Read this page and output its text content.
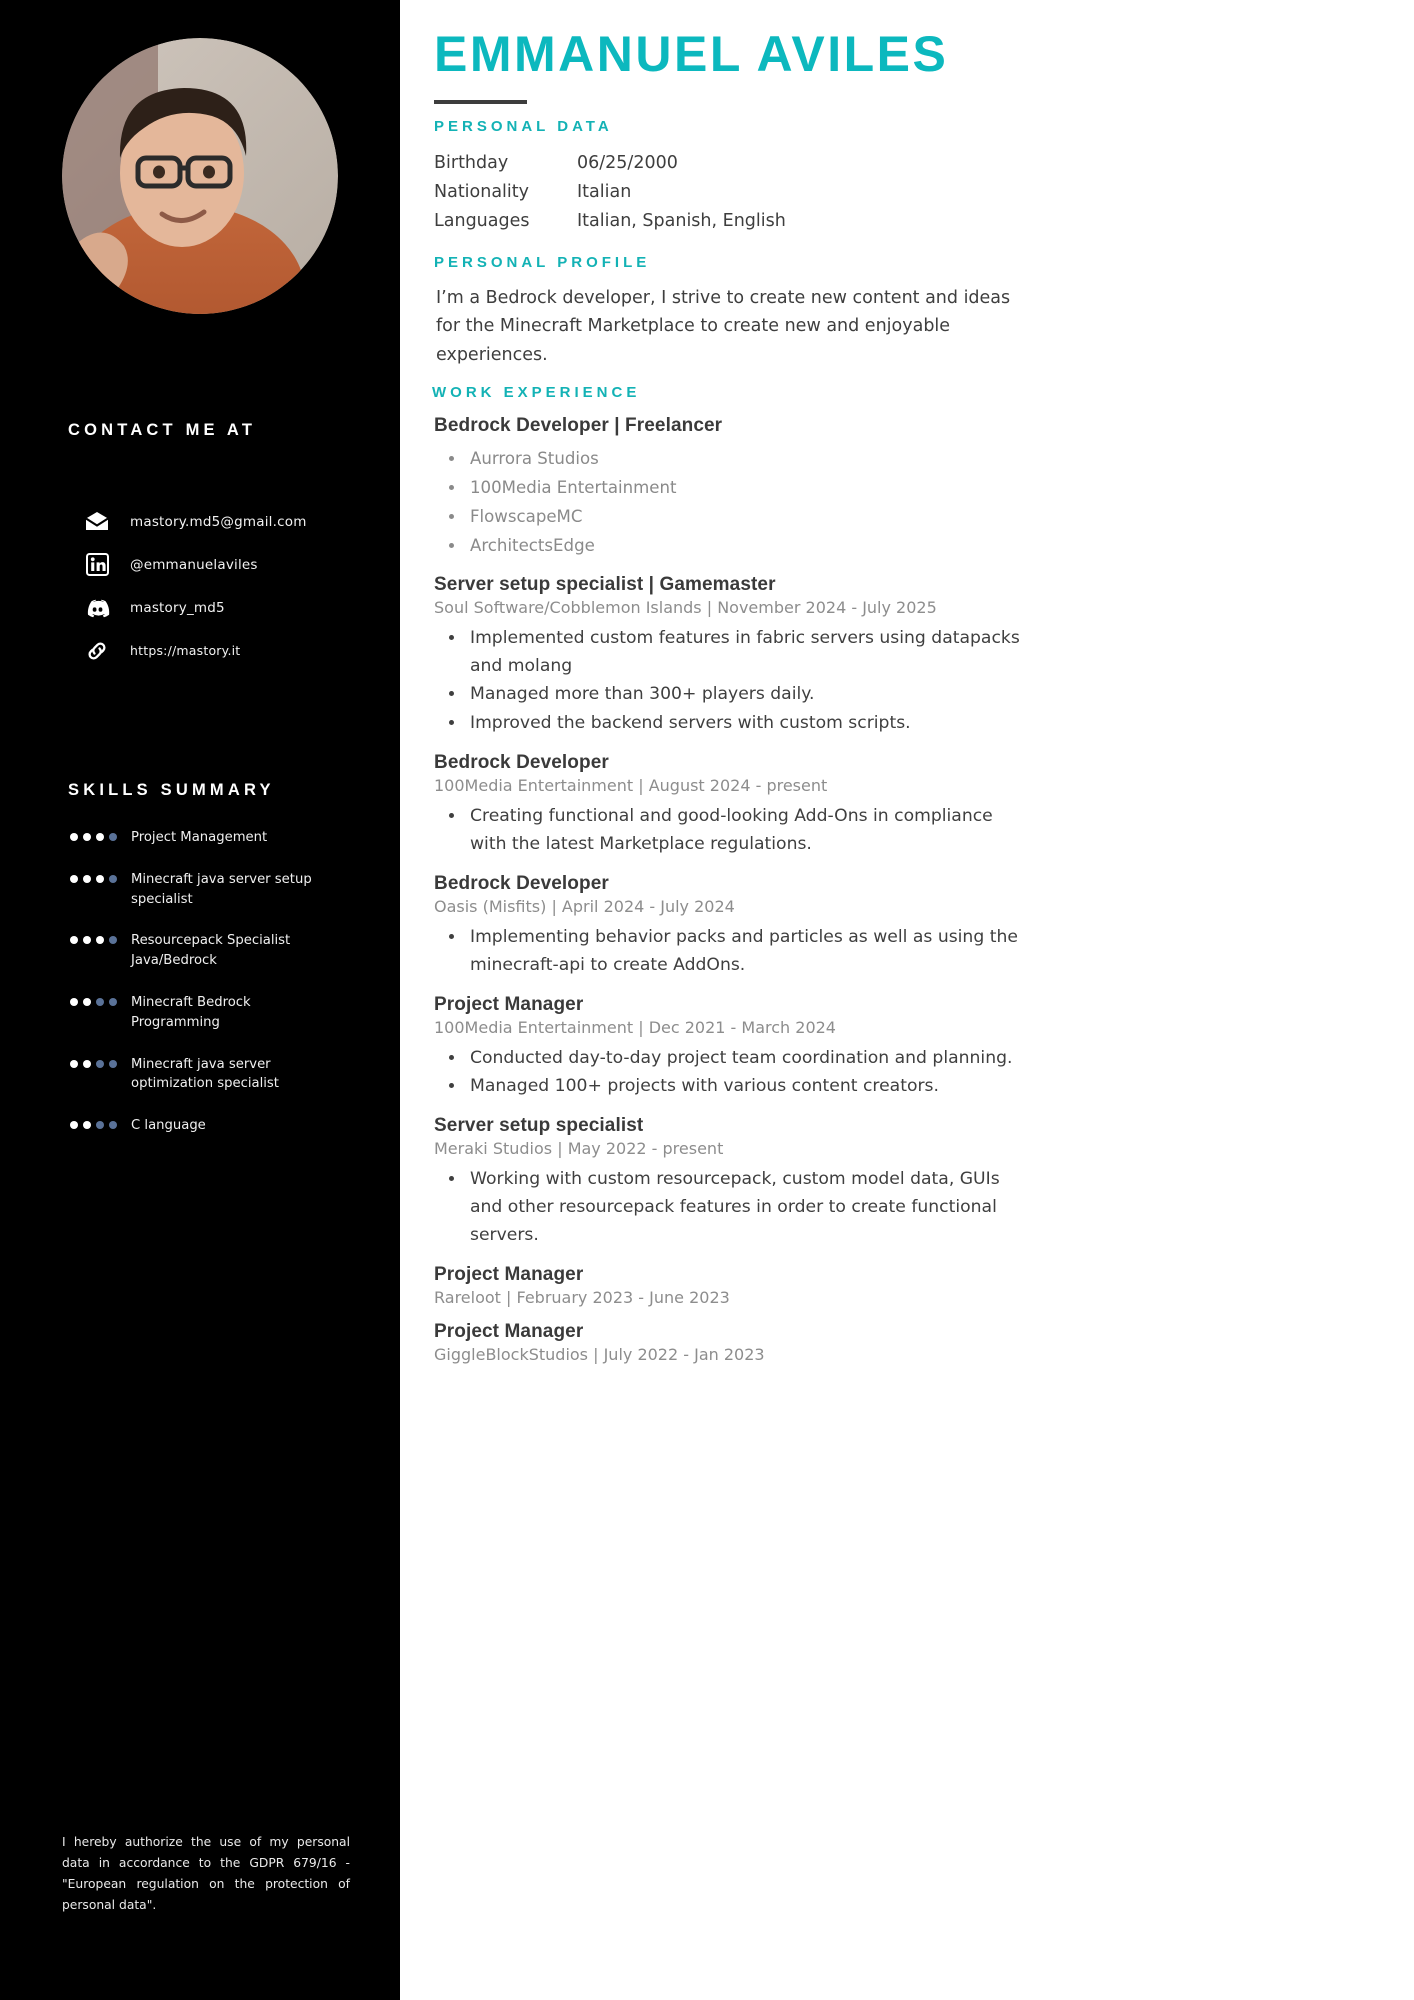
CONTACT ME AT
mastory.md5@gmail.com
@emmanuelaviles
mastory_md5
https://mastory.it
SKILLS SUMMARY
Project Management
Minecraft java server setup specialist
Resourcepack Specialist Java/Bedrock
Minecraft Bedrock Programming
Minecraft java server optimization specialist
C language
I hereby authorize the use of my personal data in accordance to the GDPR 679/16 - "European regulation on the protection of personal data".
EMMANUEL AVILES
PERSONAL DATA
Birthday	06/25/2000
Nationality	Italian
Languages	Italian, Spanish, English
PERSONAL PROFILE
I’m a Bedrock developer, I strive to create new content and ideas for the Minecraft Marketplace to create new and enjoyable experiences.
WORK EXPERIENCE
Bedrock Developer | Freelancer
• Aurrora Studios
• 100Media Entertainment
• FlowscapeMC
• ArchitectsEdge
Server setup specialist | Gamemaster
Soul Software/Cobblemon Islands | November 2024 - July 2025
• Implemented custom features in fabric servers using datapacks and molang
• Managed more than 300+ players daily.
• Improved the backend servers with custom scripts.
Bedrock Developer
100Media Entertainment | August 2024 - present
• Creating functional and good-looking Add-Ons in compliance with the latest Marketplace regulations.
Bedrock Developer
Oasis (Misfits) | April 2024 - July 2024
• Implementing behavior packs and particles as well as using the minecraft-api to create AddOns.
Project Manager
100Media Entertainment | Dec 2021 - March 2024
• Conducted day-to-day project team coordination and planning.
• Managed 100+ projects with various content creators.
Server setup specialist
Meraki Studios | May 2022 - present
• Working with custom resourcepack, custom model data, GUIs and other resourcepack features in order to create functional servers.
Project Manager
Rareloot | February 2023 - June 2023
Project Manager
GiggleBlockStudios | July 2022 - Jan 2023
